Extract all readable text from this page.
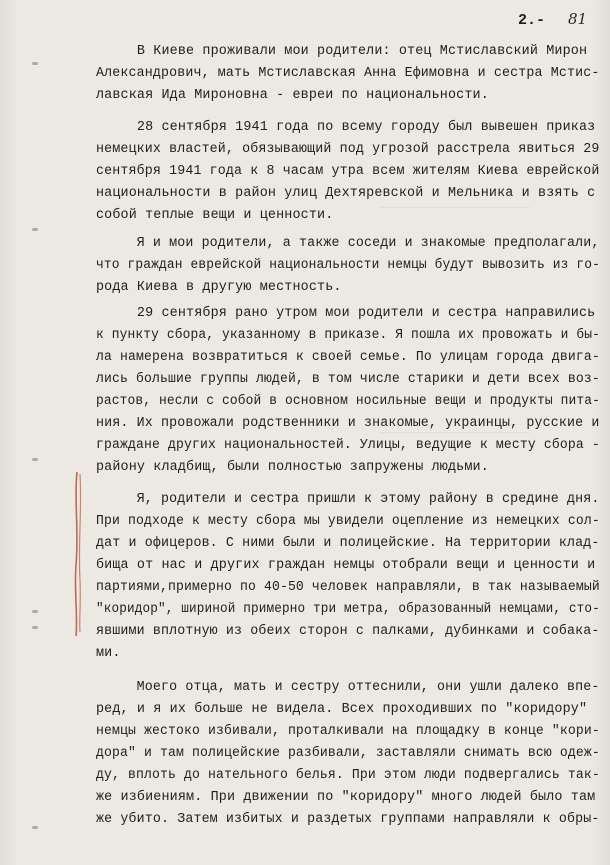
2.- 81
В Киеве проживали мои родители: отец Мстиславский Мирон
Александрович, мать Мстиславская Анна Ефимовна и сестра Мстис-
лавская Ида Мироновна - евреи по национальности.
28 сентября 1941 года по всему городу был вывешен приказ
немецких властей, обязывающий под угрозой расстрела явиться 29
сентября 1941 года к 8 часам утра всем жителям Киева еврейской
национальности в район улиц Дехтяревской и Мельника и взять с
собой теплые вещи и ценности.
Я и мои родители, а также соседи и знакомые предполагали,
что граждан еврейской национальности немцы будут вывозить из го-
рода Киева в другую местность.
29 сентября рано утром мои родители и сестра направились
к пункту сбора, указанному в приказе. Я пошла их провожать и бы-
ла намерена возвратиться к своей семье. По улицам города двига-
лись большие группы людей, в том числе старики и дети всех воз-
растов, несли с собой в основном носильные вещи и продукты пита-
ния. Их провожали родственники и знакомые, украинцы, русские и
граждане других национальностей. Улицы, ведущие к месту сбора -
району кладбищ, были полностью запружены людьми.
Я, родители и сестра пришли к этому району в средине дня.
При подходе к месту сбора мы увидели оцепление из немецких сол-
дат и офицеров. С ними были и полицейские. На территории клад-
бища от нас и других граждан немцы отобрали вещи и ценности и
партиями,примерно по 40-50 человек направляли, в так называемый
"коридор", шириной примерно три метра, образованный немцами, сто-
явшими вплотную из обеих сторон с палками, дубинками и собака-
ми.
Моего отца, мать и сестру оттеснили, они ушли далеко впе-
ред, и я их больше не видела. Всех проходивших по "коридору"
немцы жестоко избивали, проталкивали на площадку в конце "кори-
дора" и там полицейские разбивали, заставляли снимать всю одеж-
ду, вплоть до нательного белья. При этом люди подвергались так-
же избиениям. При движении по "коридору" много людей было там
же убито. Затем избитых и раздетых группами направляли к обры-
